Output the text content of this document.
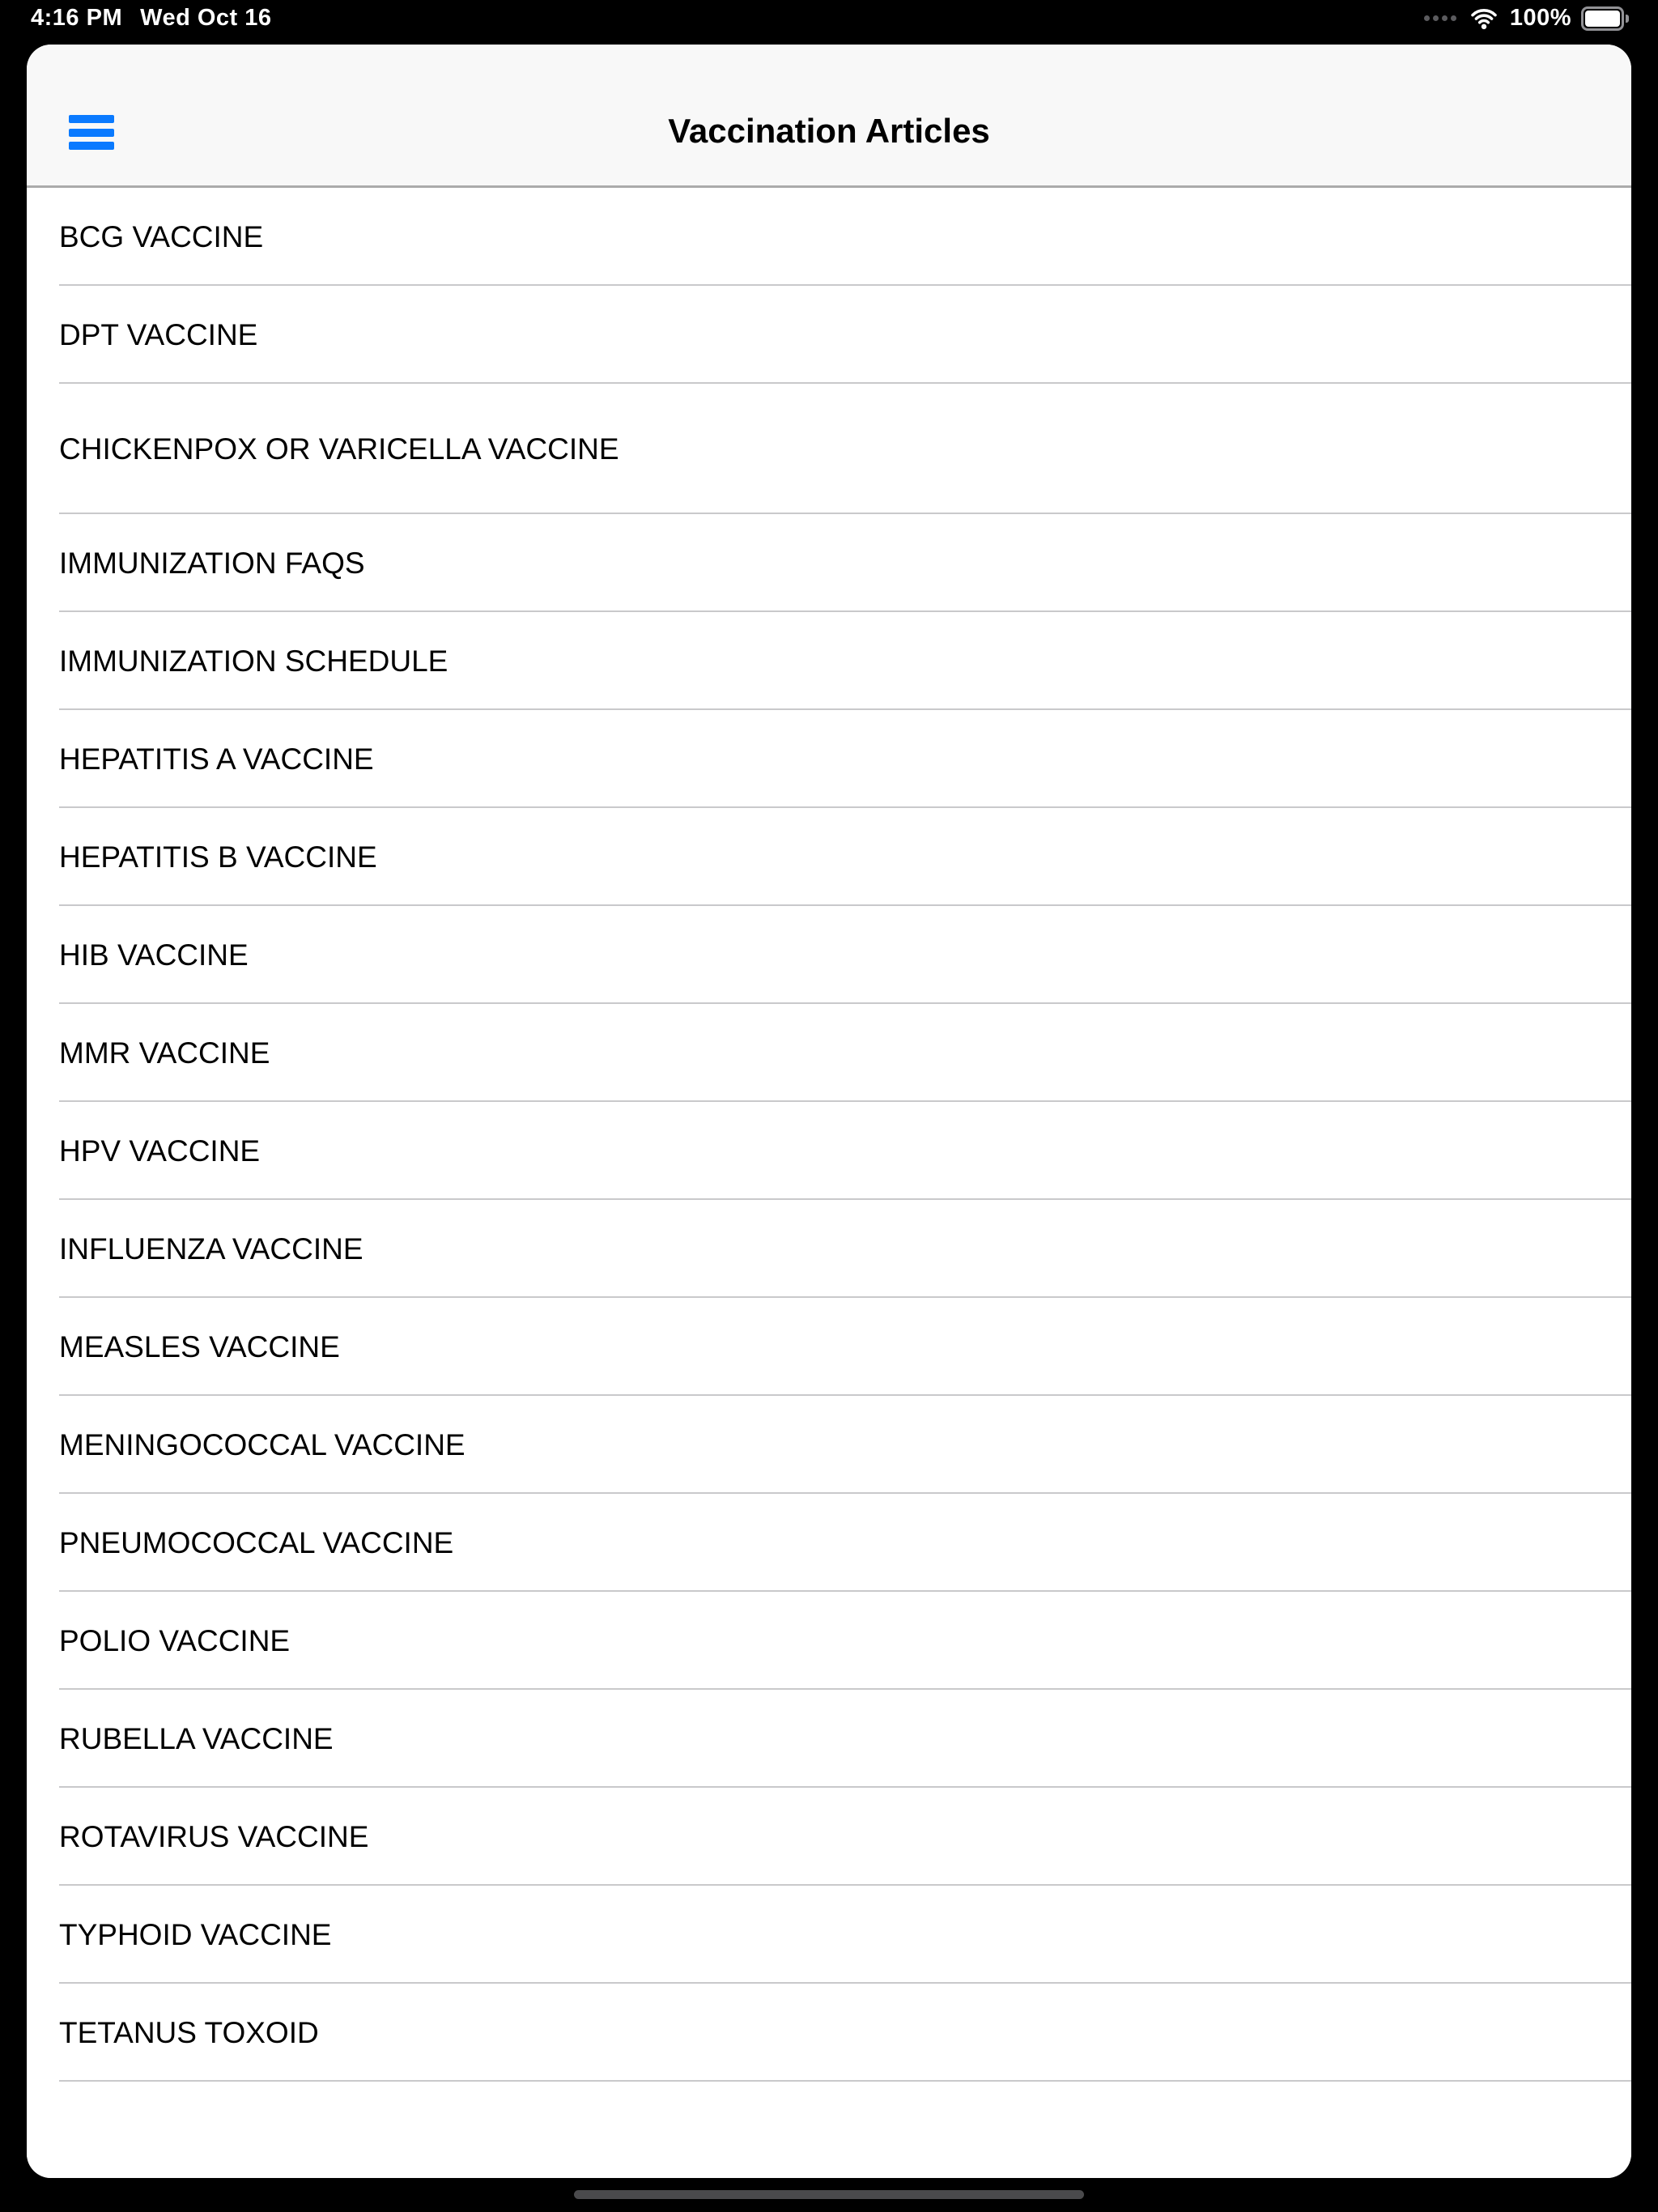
4:16 PM Wed Oct 16	100%
Vaccination Articles
BCG VACCINE
DPT VACCINE
CHICKENPOX OR VARICELLA VACCINE
IMMUNIZATION FAQS
IMMUNIZATION SCHEDULE
HEPATITIS A VACCINE
HEPATITIS B VACCINE
HIB VACCINE
MMR VACCINE
HPV VACCINE
INFLUENZA VACCINE
MEASLES VACCINE
MENINGOCOCCAL VACCINE
PNEUMOCOCCAL VACCINE
POLIO VACCINE
RUBELLA VACCINE
ROTAVIRUS VACCINE
TYPHOID VACCINE
TETANUS TOXOID
